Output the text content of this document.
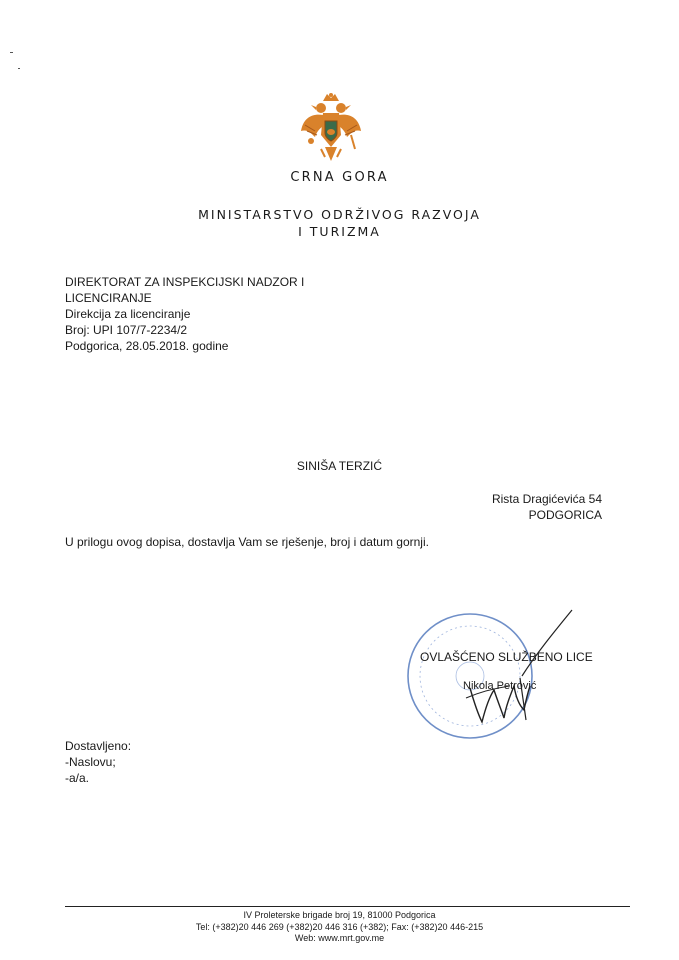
CRNA GORA
MINISTARSTVO ODRŽIVOG RAZVOJA
I TURIZMA
DIREKTORAT ZA INSPEKCIJSKI NADZOR I
LICENCIRANJE
Direkcija za licenciranje
Broj: UPI 107/7-2234/2
Podgorica, 28.05.2018. godine
SINIŠA TERZIĆ
Rista Dragićevića 54
PODGORICA
U prilogu ovog dopisa, dostavlja Vam se rješenje, broj i datum gornji.
OVLAŠĆENO SLUŽBENO LICE
Nikola Petrović
Dostavljeno:
-Naslovu;
-a/a.
IV Proleterske brigade broj 19, 81000 Podgorica
Tel: (+382)20 446 269 (+382)20 446 316 (+382); Fax: (+382)20 446-215
Web: www.mrt.gov.me
